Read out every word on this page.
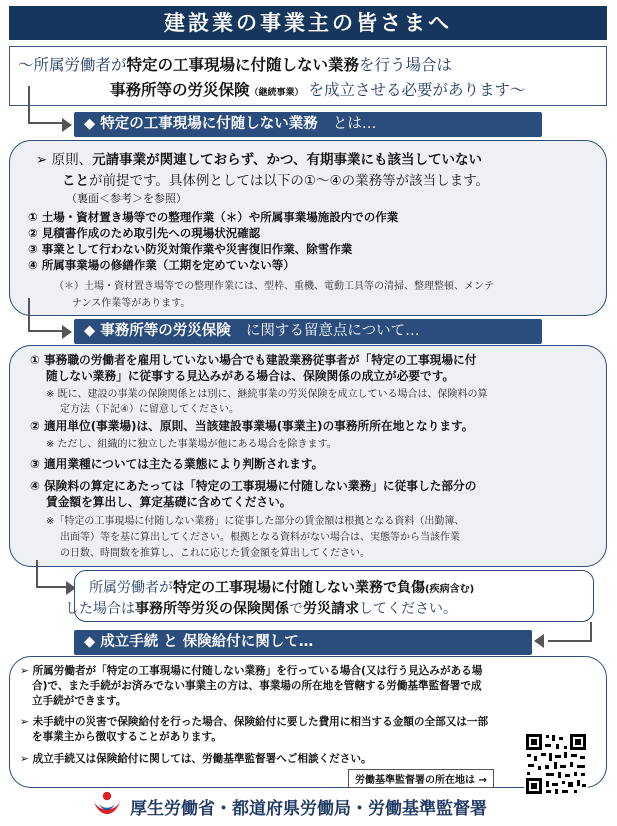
建設業の事業主の皆さまへ
～所属労働者が特定の工事現場に付随しない業務を行う場合は
事務所等の労災保険（継続事業） を成立させる必要があります～
◆ 特定の工事現場に付随しない業務 とは…
➢ 原則、元請事業が関連しておらず、かつ、有期事業にも該当していない
ことが前提です。具体例としては以下の①～④の業務等が該当します。
（裏面＜参考＞を参照）
① 土場・資材置き場等での整理作業（＊）や所属事業場施設内での作業
② 見積書作成のため取引先への現場状況確認
③ 事業として行わない防災対策作業や災害復旧作業、除雪作業
④ 所属事業場の修繕作業（工期を定めていない等）
（＊）土場・資材置き場等での整理作業には、型枠、重機、電動工具等の清掃、整理整頓、メンテ
ナンス作業等があります。
◆ 事務所等の労災保険 に関する留意点について…
① 事務職の労働者を雇用していない場合でも建設業務従事者が「特定の工事現場に付
随しない業務」に従事する見込みがある場合は、保険関係の成立が必要です。
※ 既に、建設の事業の保険関係とは別に、継続事業の労災保険を成立している場合は、保険料の算
定方法（下記④）に留意してください。
② 適用単位(事業場)は、原則、当該建設事業場(事業主)の事務所所在地となります。
※ ただし、組織的に独立した事業場が他にある場合を除きます。
③ 適用業種については主たる業態により判断されます。
④ 保険料の算定にあたっては「特定の工事現場に付随しない業務」に従事した部分の
賃金額を算出し、算定基礎に含めてください。
※「特定の工事現場に付随しない業務」に従事した部分の賃金額は根拠となる資料（出勤簿、
出面等）等を基に算出してください。根拠となる資料がない場合は、実態等から当該作業
の日数、時間数を推算し、これに応じた賃金額を算出してください。
所属労働者が特定の工事現場に付随しない業務で負傷(疾病含む)
した場合は事務所等労災の保険関係で労災請求してください。
◆ 成立手続 と 保険給付に関して…
➢ 所属労働者が「特定の工事現場に付随しない業務」を行っている場合(又は行う見込みがある場
合)で、また手続がお済みでない事業主の方は、事業場の所在地を管轄する労働基準監督署で成
立手続ができます。
➢ 未手続中の災害で保険給付を行った場合、保険給付に要した費用に相当する金額の全部又は一部
を事業主から徴収することがあります。
➢ 成立手続又は保険給付に関しては、労働基準監督署へご相談ください。
労働基準監督署の所在地は →
厚生労働省・都道府県労働局・労働基準監督署
